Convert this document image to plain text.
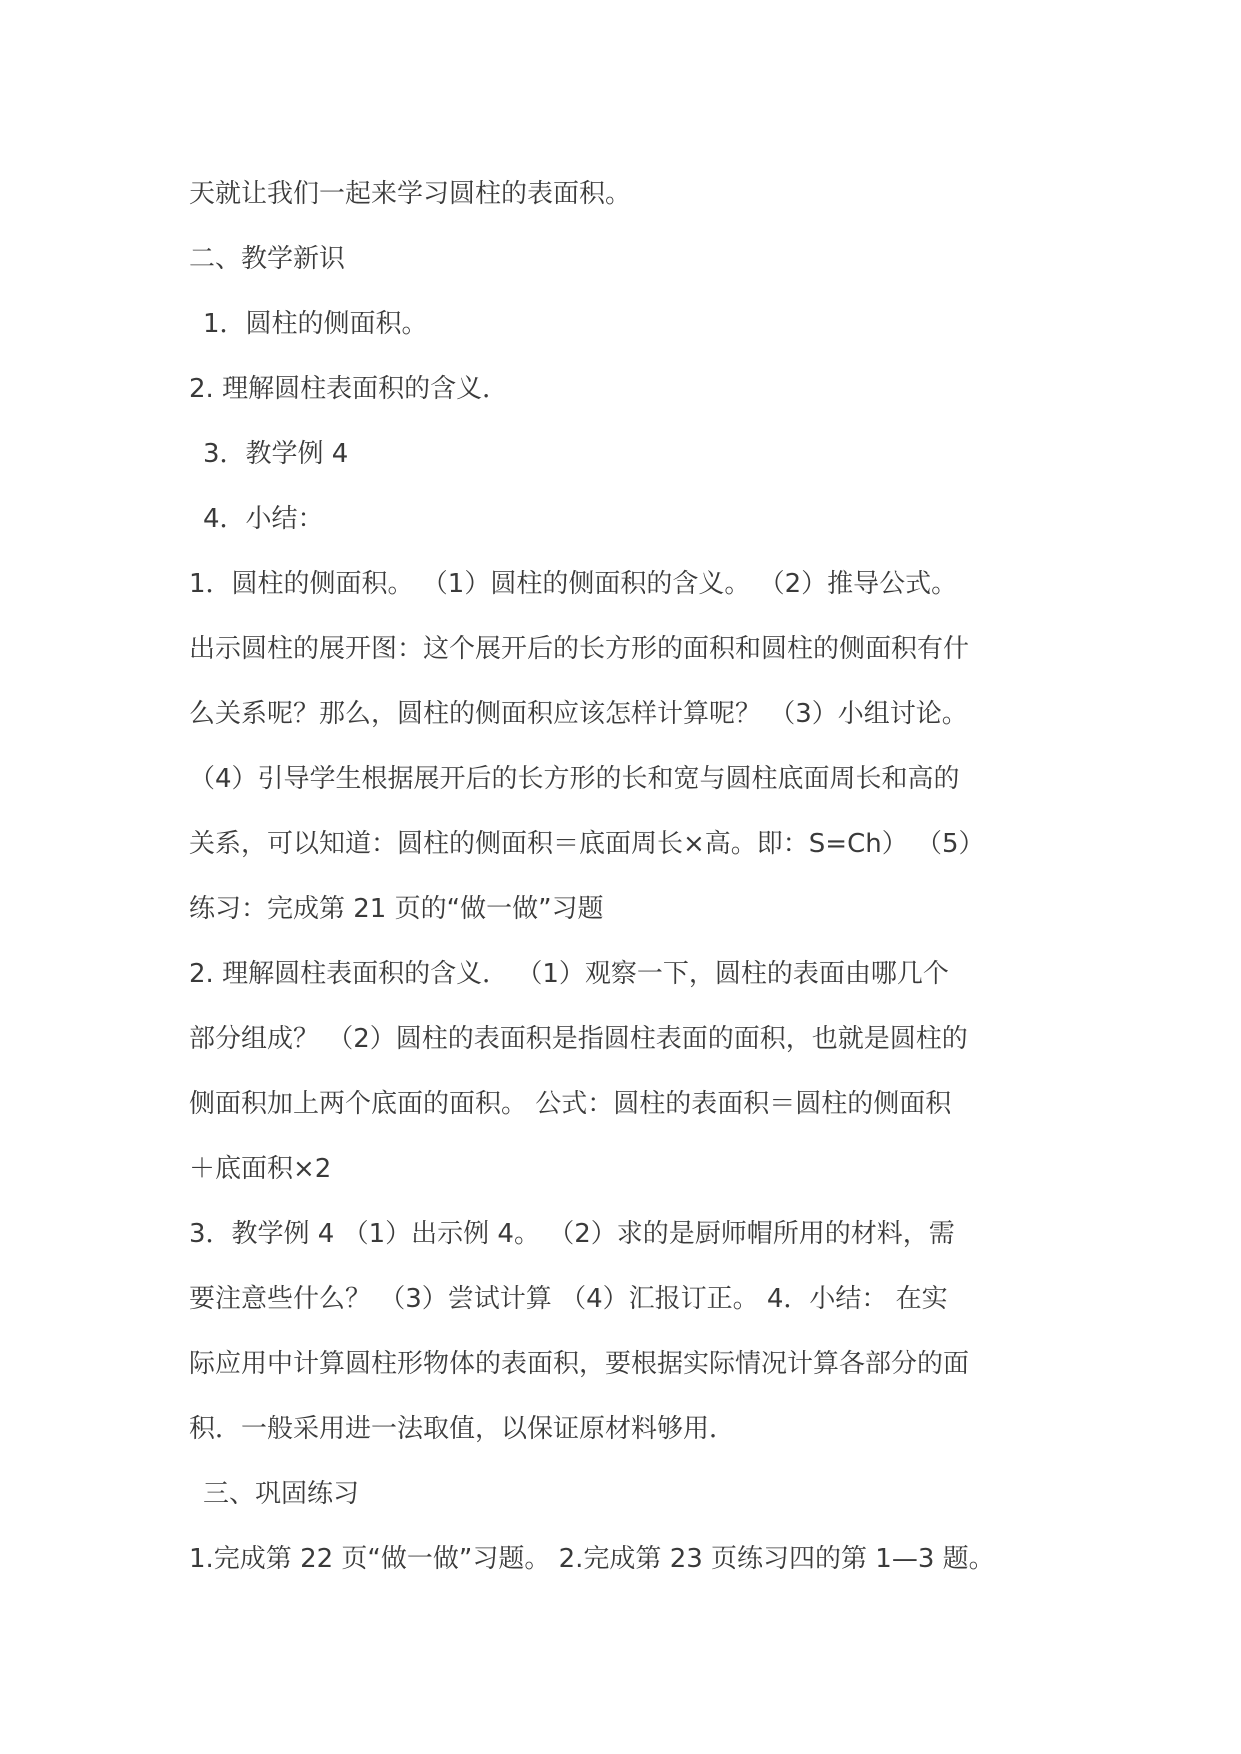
天就让我们一起来学习圆柱的表面积。
二、教学新识
1．圆柱的侧面积。
2. 理解圆柱表面积的含义．
3．教学例 4
4．小结：
1．圆柱的侧面积。 （1）圆柱的侧面积的含义。 （2）推导公式。
出示圆柱的展开图：这个展开后的长方形的面积和圆柱的侧面积有什
么关系呢？那么，圆柱的侧面积应该怎样计算呢？ （3）小组讨论。
（4）引导学生根据展开后的长方形的长和宽与圆柱底面周长和高的
关系，可以知道：圆柱的侧面积＝底面周长×高。即：S=Ch） （5）
练习：完成第 21 页的“做一做”习题
2. 理解圆柱表面积的含义． （1）观察一下，圆柱的表面由哪几个
部分组成？ （2）圆柱的表面积是指圆柱表面的面积，也就是圆柱的
侧面积加上两个底面的面积。 公式：圆柱的表面积＝圆柱的侧面积
＋底面积×2
3．教学例 4 （1）出示例 4。 （2）求的是厨师帽所用的材料，需
要注意些什么？ （3）尝试计算 （4）汇报订正。 4．小结： 在实
际应用中计算圆柱形物体的表面积，要根据实际情况计算各部分的面
积．一般采用进一法取值，以保证原材料够用．
三、巩固练习
1.完成第 22 页“做一做”习题。 2.完成第 23 页练习四的第 1—3 题。
